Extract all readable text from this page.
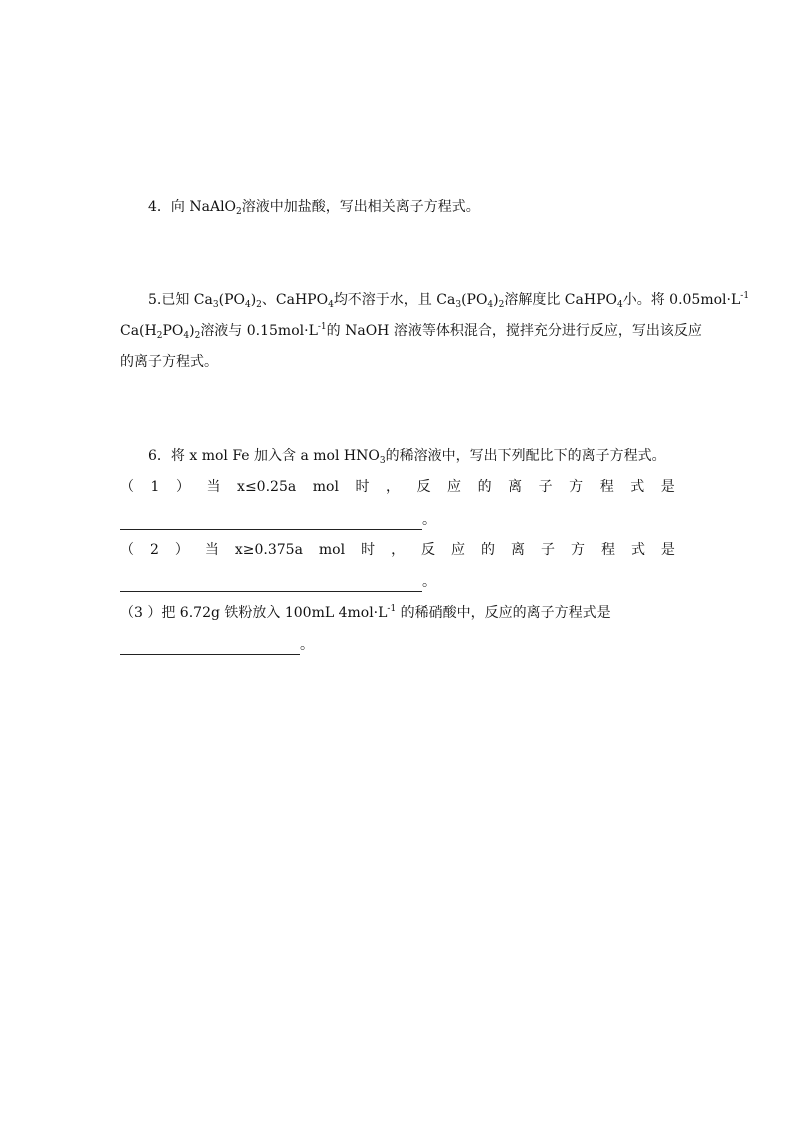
4．向 NaAlO$_2$溶液中加盐酸，写出相关离子方程式。
5.已知 $Ca_3(PO_4)_2$、CaHPO$_4$均不溶于水，且 $Ca_3(PO_4)_2$溶解度比 CaHPO$_4$小。将 $0.05mol\cdot L^{-1}$
$Ca(H_2PO_4)_2$溶液与 $0.15mol\cdot L^{-1}$的 NaOH 溶液等体积混合，搅拌充分进行反应，写出该反应
的离子方程式。
6．将 x mol Fe 加入含 a mol $HNO_3$的稀溶液中，写出下列配比下的离子方程式。
（ 1 ） 当 x≤0.25a mol 时 ， 反 应 的 离 子 方 程 式 是
。
（ 2 ） 当 x≥0.375a mol 时 ， 反 应 的 离 子 方 程 式 是
。
（3 ）把 6.72g 铁粉放入 100mL $4mol\cdot L^{-1}$ 的稀硝酸中，反应的离子方程式是
。
